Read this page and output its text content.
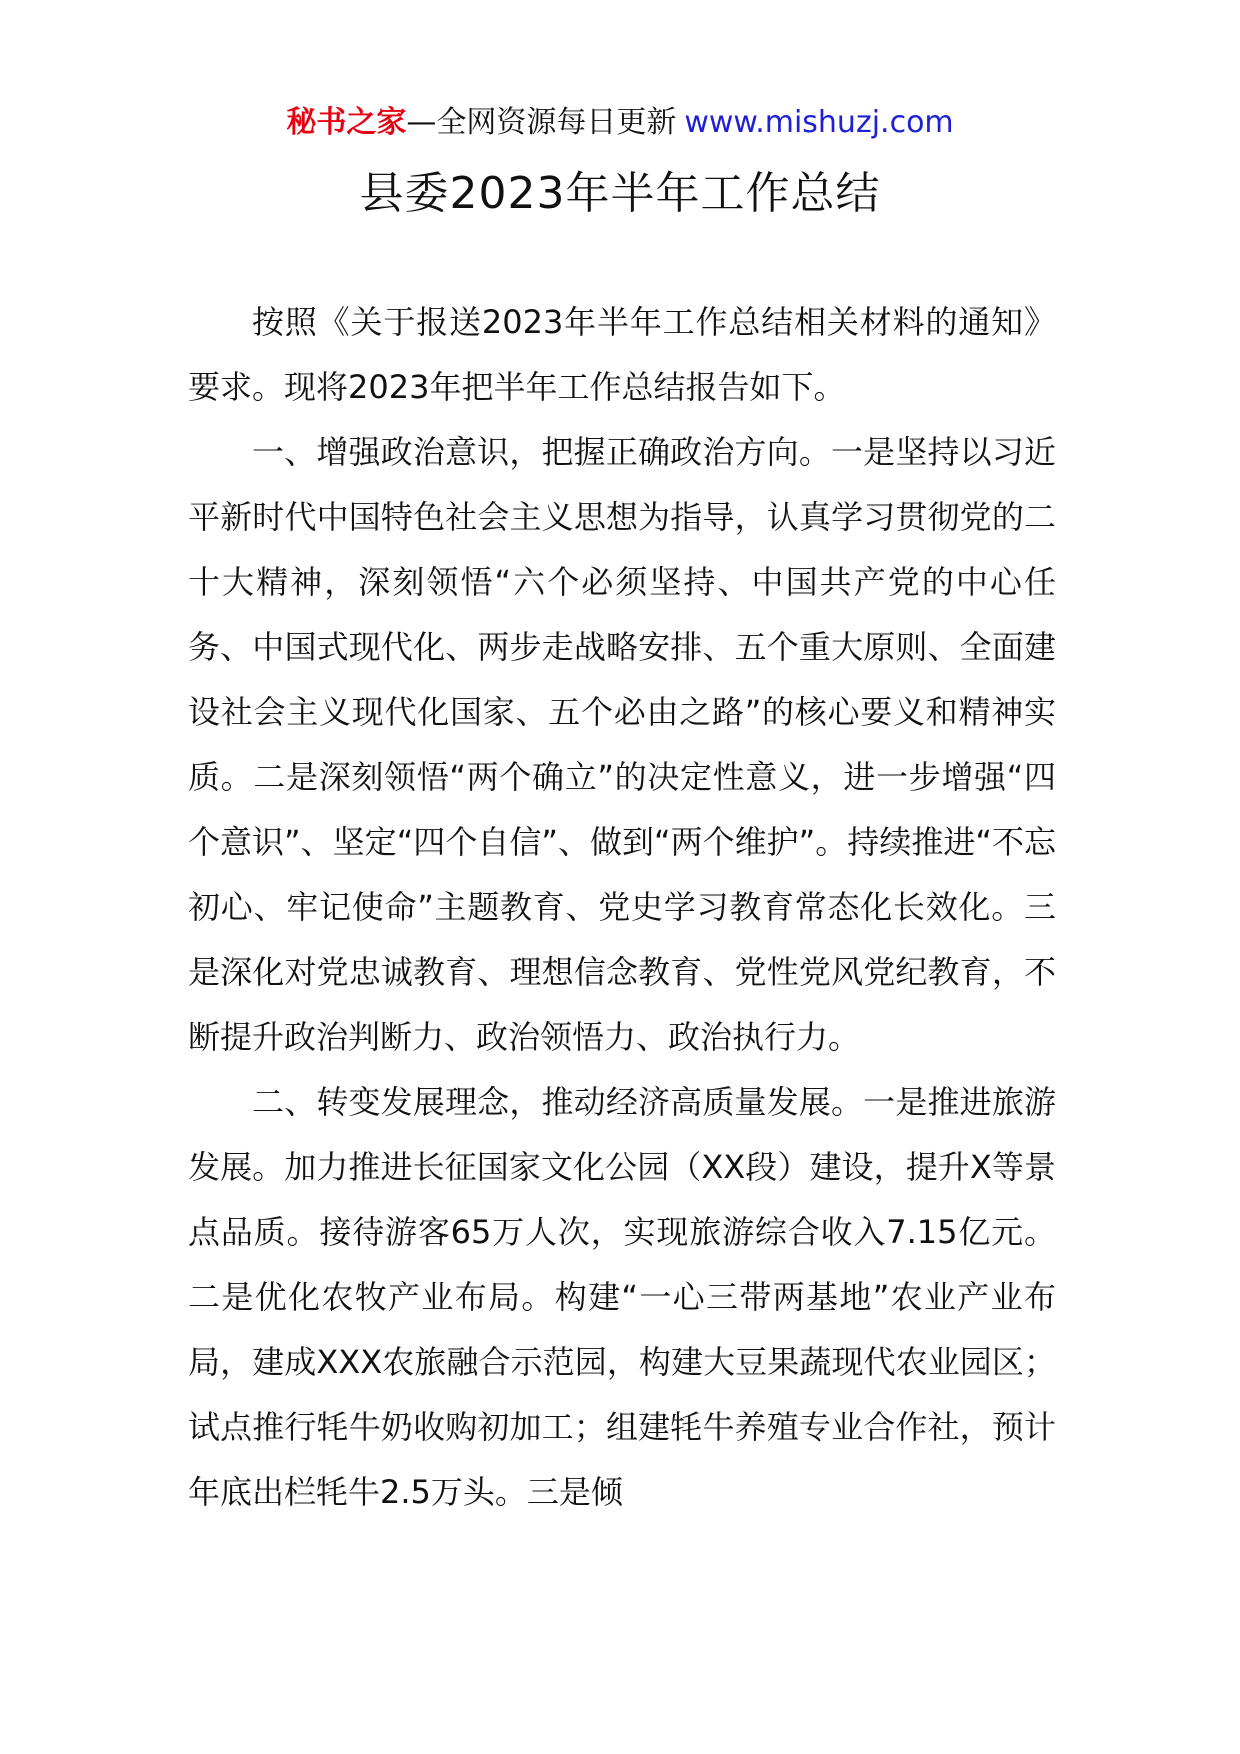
秘书之家—全网资源每日更新 www.mishuzj.com
县委2023年半年工作总结

按照《关于报送2023年半年工作总结相关材料的通知》要求。现将2023年把半年工作总结报告如下。

一、增强政治意识，把握正确政治方向。一是坚持以习近平新时代中国特色社会主义思想为指导，认真学习贯彻党的二十大精神，深刻领悟“六个必须坚持、中国共产党的中心任务、中国式现代化、两步走战略安排、五个重大原则、全面建设社会主义现代化国家、五个必由之路”的核心要义和精神实质。二是深刻领悟“两个确立”的决定性意义，进一步增强“四个意识”、坚定“四个自信”、做到“两个维护”。持续推进“不忘初心、牢记使命”主题教育、党史学习教育常态化长效化。三是深化对党忠诚教育、理想信念教育、党性党风党纪教育，不断提升政治判断力、政治领悟力、政治执行力。

二、转变发展理念，推动经济高质量发展。一是推进旅游发展。加力推进长征国家文化公园（XX段）建设，提升X等景点品质。接待游客65万人次，实现旅游综合收入7.15亿元。二是优化农牧产业布局。构建“一心三带两基地”农业产业布局，建成XXX农旅融合示范园，构建大豆果蔬现代农业园区；试点推行牦牛奶收购初加工；组建牦牛养殖专业合作社，预计年底出栏牦牛2.5万头。三是倾
